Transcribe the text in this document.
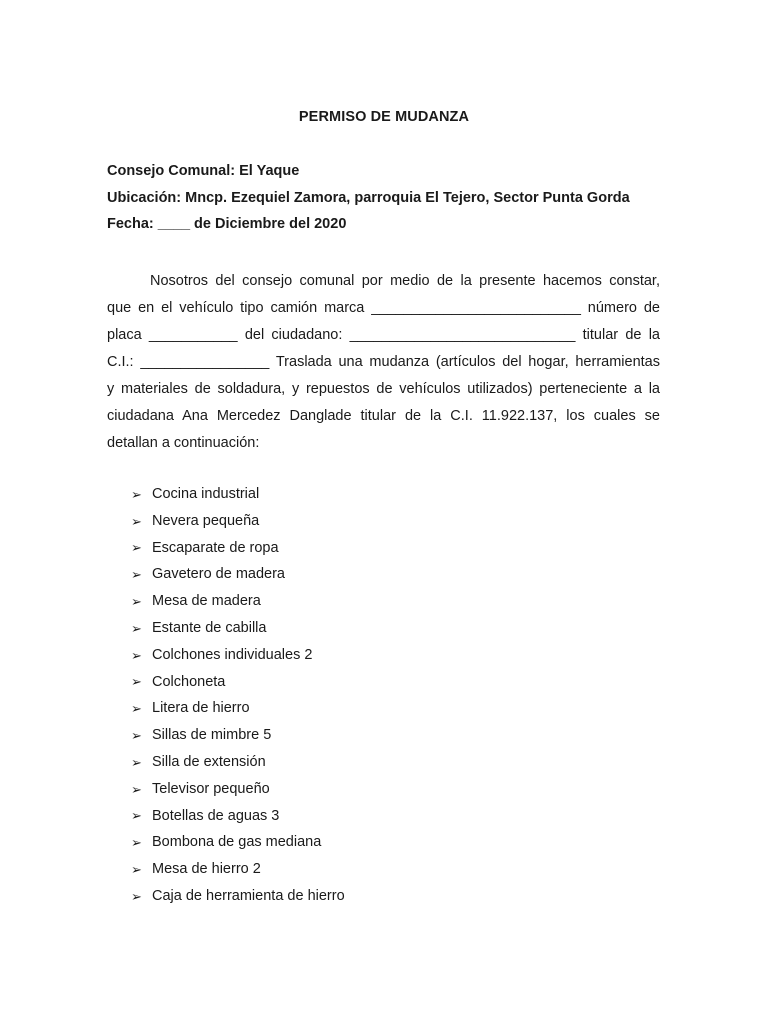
PERMISO DE MUDANZA
Consejo Comunal: El Yaque
Ubicación: Mncp. Ezequiel Zamora, parroquia El Tejero, Sector Punta Gorda
Fecha: ____ de Diciembre del 2020
Nosotros del consejo comunal por medio de la presente hacemos constar,
que en el vehículo tipo camión marca __________________________ número de
placa ___________ del ciudadano: ____________________________ titular de la
C.I.: ________________ Traslada una mudanza (artículos del hogar, herramientas
y materiales de soldadura, y repuestos de vehículos utilizados) perteneciente a la
ciudadana Ana Mercedez Danglade titular de la C.I. 11.922.137, los cuales se
detallan a continuación:
➢ Cocina industrial
➢ Nevera pequeña
➢ Escaparate de ropa
➢ Gavetero de madera
➢ Mesa de madera
➢ Estante de cabilla
➢ Colchones individuales 2
➢ Colchoneta
➢ Litera de hierro
➢ Sillas de mimbre 5
➢ Silla de extensión
➢ Televisor pequeño
➢ Botellas de aguas 3
➢ Bombona de gas mediana
➢ Mesa de hierro 2
➢ Caja de herramienta de hierro
